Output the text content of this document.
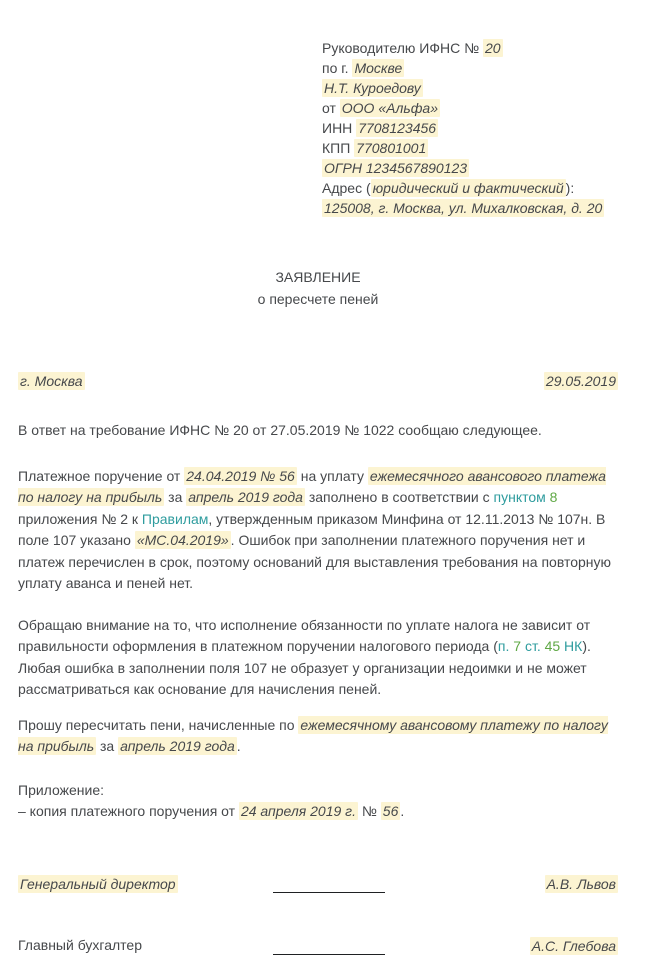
Руководителю ИФНС № 20
по г. Москве
Н.Т. Куроедову
от ООО «Альфа»
ИНН 7708123456
КПП 770801001
ОГРН 1234567890123
Адрес ( юридический и фактический ):
125008, г. Москва, ул. Михалковская, д. 20
ЗАЯВЛЕНИЕ
о пересчете пеней
г. Москва	29.05.2019

В ответ на требование ИФНС № 20 от 27.05.2019 № 1022 сообщаю следующее.

Платежное поручение от 24.04.2019 № 56 на уплату ежемесячного авансового платежа по налогу на прибыль за апрель 2019 года заполнено в соответствии с пунктом 8 приложения № 2 к Правилам, утвержденным приказом Минфина от 12.11.2013 № 107н. В поле 107 указано «МС.04.2019» . Ошибок при заполнении платежного поручения нет и платеж перечислен в срок, поэтому оснований для выставления требования на повторную уплату аванса и пеней нет.

Обращаю внимание на то, что исполнение обязанности по уплате налога не зависит от правильности оформления в платежном поручении налогового периода (п. 7 ст. 45 НК). Любая ошибка в заполнении поля 107 не образует у организации недоимки и не может рассматриваться как основание для начисления пеней.

Прошу пересчитать пени, начисленные по ежемесячному авансовому платежу по налогу на прибыль за апрель 2019 года .

Приложение:
– копия платежного поручения от 24 апреля 2019 г. № 56 .
Генеральный директор	А.В. Львов
Главный бухгалтер	А.С. Глебова
